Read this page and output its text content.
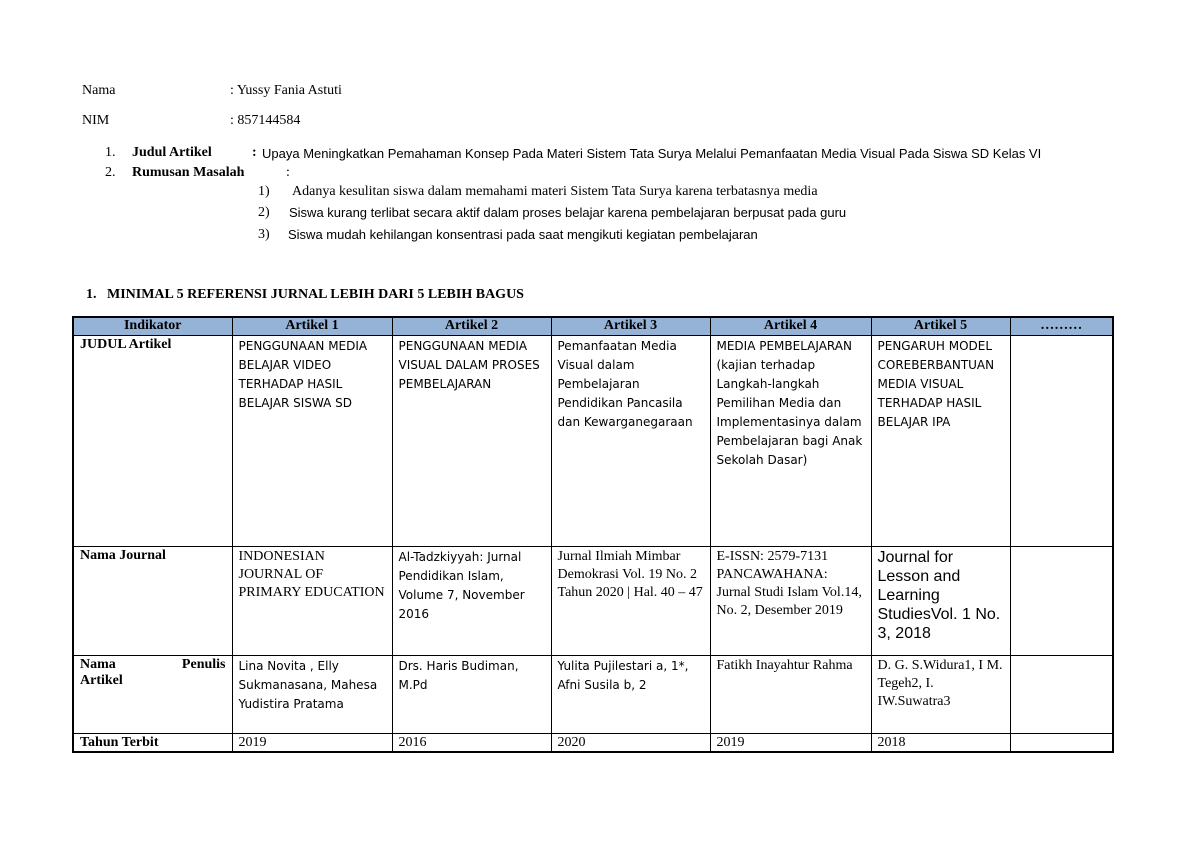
Nama	: Yussy Fania Astuti
NIM	: 857144584
1. Judul Artikel	: Upaya Meningkatkan Pemahaman Konsep Pada Materi Sistem Tata Surya Melalui Pemanfaatan Media Visual Pada Siswa SD Kelas VI
2. Rumusan Masalah	:
1) Adanya kesulitan siswa dalam memahami materi Sistem Tata Surya karena terbatasnya media
2) Siswa kurang terlibat secara aktif dalam proses belajar karena pembelajaran berpusat pada guru
3) Siswa mudah kehilangan konsentrasi pada saat mengikuti kegiatan pembelajaran
1.   MINIMAL 5 REFERENSI JURNAL LEBIH DARI 5 LEBIH BAGUS
Indikator	Artikel 1	Artikel 2	Artikel 3	Artikel 4	Artikel 5	………
JUDUL Artikel	PENGGUNAAN MEDIA BELAJAR VIDEO TERHADAP HASIL BELAJAR SISWA SD	PENGGUNAAN MEDIA VISUAL DALAM PROSES PEMBELAJARAN	Pemanfaatan Media Visual dalam Pembelajaran Pendidikan Pancasila dan Kewarganegaraan	MEDIA PEMBELAJARAN (kajian terhadap Langkah-langkah Pemilihan Media dan Implementasinya dalam Pembelajaran bagi Anak Sekolah Dasar)	PENGARUH MODEL COREBERBANTUAN MEDIA VISUAL TERHADAP HASIL BELAJAR IPA	
Nama Journal	INDONESIAN JOURNAL OF PRIMARY EDUCATION	Al-Tadzkiyyah: Jurnal Pendidikan Islam, Volume 7, November 2016	Jurnal Ilmiah Mimbar Demokrasi Vol. 19 No. 2 Tahun 2020 | Hal. 40 – 47	E-ISSN: 2579-7131 PANCAWAHANA: Jurnal Studi Islam Vol.14, No. 2, Desember 2019	Journal for Lesson and Learning StudiesVol. 1 No. 3, 2018	

Nama Penulis
Artikel	Lina Novita , Elly Sukmanasana, Mahesa Yudistira Pratama	Drs. Haris Budiman, M.Pd	Yulita Pujilestari a, 1*, Afni Susila b, 2	Fatikh Inayahtur Rahma	D. G. S.Widura1, I M. Tegeh2, I. IW.Suwatra3	
Tahun Terbit	2019	2016	2020	2019	2018	
